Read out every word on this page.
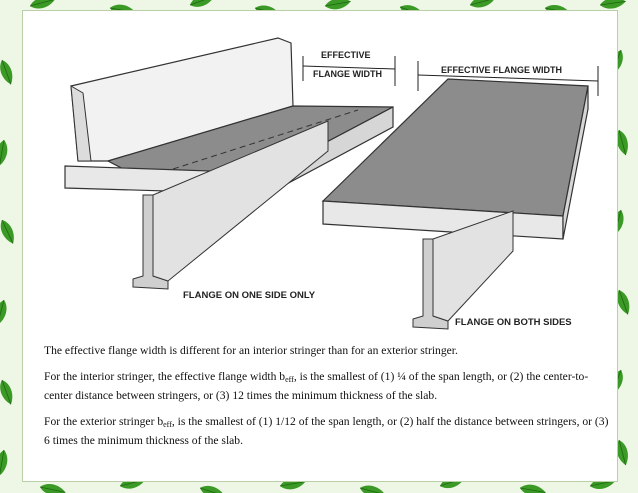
FLANGE ON ONE SIDE ONLY
EFFECTIVE
FLANGE WIDTH
FLANGE ON BOTH SIDES
EFFECTIVE FLANGE WIDTH

The effective flange width is different for an interior stringer than for an exterior stringer.

For the interior stringer, the effective flange width $b_{eff}$, is the smallest of (1) ¼ of the span length, or (2) the center-to-center distance between stringers, or (3) 12 times the minimum thickness of the slab.

For the exterior stringer $b_{eff}$, is the smallest of (1) 1/12 of the span length, or (2) half the distance between stringers, or (3) 6 times the minimum thickness of the slab.
